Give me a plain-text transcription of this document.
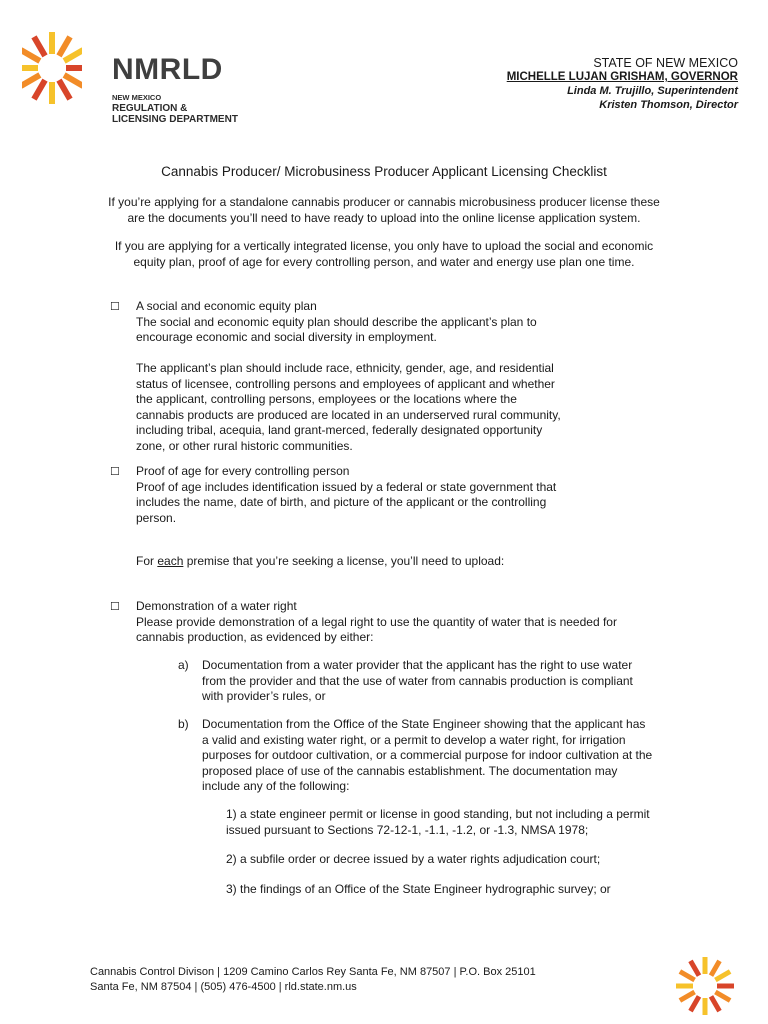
NMRLD
NEW MEXICO
REGULATION &
LICENSING DEPARTMENT
STATE OF NEW MEXICO
MICHELLE LUJAN GRISHAM, GOVERNOR
Linda M. Trujillo, Superintendent
Kristen Thomson, Director
Cannabis Producer/ Microbusiness Producer Applicant Licensing Checklist
If you’re applying for a standalone cannabis producer or cannabis microbusiness producer license these
are the documents you’ll need to have ready to upload into the online license application system.
If you are applying for a vertically integrated license, you only have to upload the social and economic
equity plan, proof of age for every controlling person, and water and energy use plan one time.
☐ A social and economic equity plan

The social and economic equity plan should describe the applicant’s plan to

encourage economic and social diversity in employment.

The applicant’s plan should include race, ethnicity, gender, age, and residential

status of licensee, controlling persons and employees of applicant and whether

the applicant, controlling persons, employees or the locations where the

cannabis products are produced are located in an underserved rural community,

including tribal, acequia, land grant-merced, federally designated opportunity

zone, or other rural historic communities.

☐ Proof of age for every controlling person

Proof of age includes identification issued by a federal or state government that

includes the name, date of birth, and picture of the applicant or the controlling

person.

For each premise that you’re seeking a license, you’ll need to upload:

☐ Demonstration of a water right

Please provide demonstration of a legal right to use the quantity of water that is needed for

cannabis production, as evidenced by either:

a) Documentation from a water provider that the applicant has the right to use water
from the provider and that the use of water from cannabis production is compliant
with provider’s rules, or
b) Documentation from the Office of the State Engineer showing that the applicant has
a valid and existing water right, or a permit to develop a water right, for irrigation
purposes for outdoor cultivation, or a commercial purpose for indoor cultivation at the
proposed place of use of the cannabis establishment. The documentation may
include any of the following:
1) a state engineer permit or license in good standing, but not including a permit
issued pursuant to Sections 72-12-1, -1.1, -1.2, or -1.3, NMSA 1978;
2) a subfile order or decree issued by a water rights adjudication court;
3) the findings of an Office of the State Engineer hydrographic survey; or
Cannabis Control Divison | 1209 Camino Carlos Rey Santa Fe, NM 87507 | P.O. Box 25101
Santa Fe, NM 87504 | (505) 476-4500 | rld.state.nm.us
